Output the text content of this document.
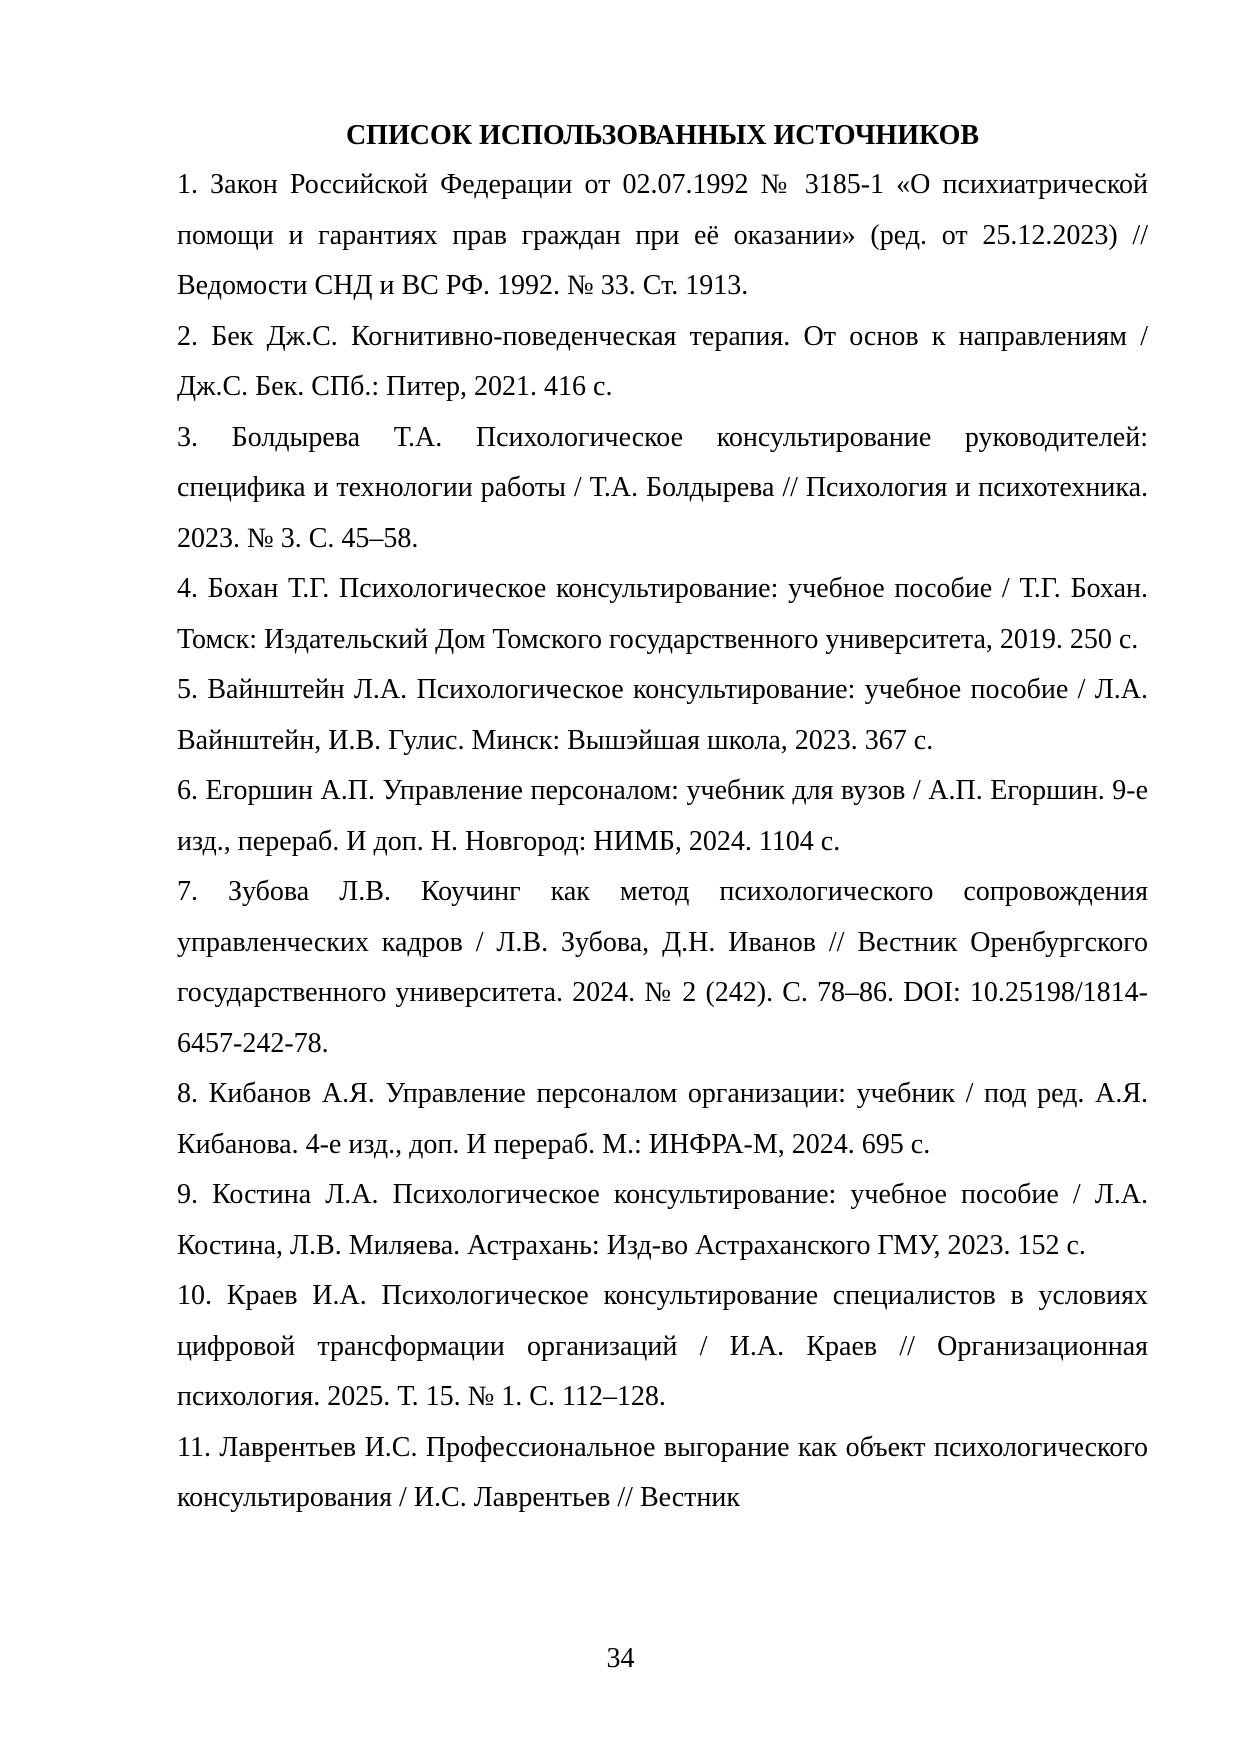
СПИСОК ИСПОЛЬЗОВАННЫХ ИСТОЧНИКОВ
1. Закон Российской Федерации от 02.07.1992 № 3185-1 «О психиатрической помощи и гарантиях прав граждан при её оказании» (ред. от 25.12.2023) // Ведомости СНД и ВС РФ. 1992. № 33. Ст. 1913.
2. Бек Дж.С. Когнитивно-поведенческая терапия. От основ к направлениям / Дж.С. Бек. СПб.: Питер, 2021. 416 с.
3. Болдырева Т.А. Психологическое консультирование руководителей: специфика и технологии работы / Т.А. Болдырева // Психология и психотехника. 2023. № 3. С. 45–58.
4. Бохан Т.Г. Психологическое консультирование: учебное пособие / Т.Г. Бохан. Томск: Издательский Дом Томского государственного университета, 2019. 250 с.
5. Вайнштейн Л.А. Психологическое консультирование: учебное пособие / Л.А. Вайнштейн, И.В. Гулис. Минск: Вышэйшая школа, 2023. 367 с.
6. Егоршин А.П. Управление персоналом: учебник для вузов / А.П. Егоршин. 9-е изд., перераб. И доп. Н. Новгород: НИМБ, 2024. 1104 с.
7. Зубова Л.В. Коучинг как метод психологического сопровождения управленческих кадров / Л.В. Зубова, Д.Н. Иванов // Вестник Оренбургского государственного университета. 2024. № 2 (242). С. 78–86. DOI: 10.25198/1814-6457-242-78.
8. Кибанов А.Я. Управление персоналом организации: учебник / под ред. А.Я. Кибанова. 4-е изд., доп. И перераб. М.: ИНФРА-М, 2024. 695 с.
9. Костина Л.А. Психологическое консультирование: учебное пособие / Л.А. Костина, Л.В. Миляева. Астрахань: Изд-во Астраханского ГМУ, 2023. 152 с.
10. Краев И.А. Психологическое консультирование специалистов в условиях цифровой трансформации организаций / И.А. Краев // Организационная психология. 2025. Т. 15. № 1. С. 112–128.
11. Лаврентьев И.С. Профессиональное выгорание как объект психологического консультирования / И.С. Лаврентьев // Вестник
34
